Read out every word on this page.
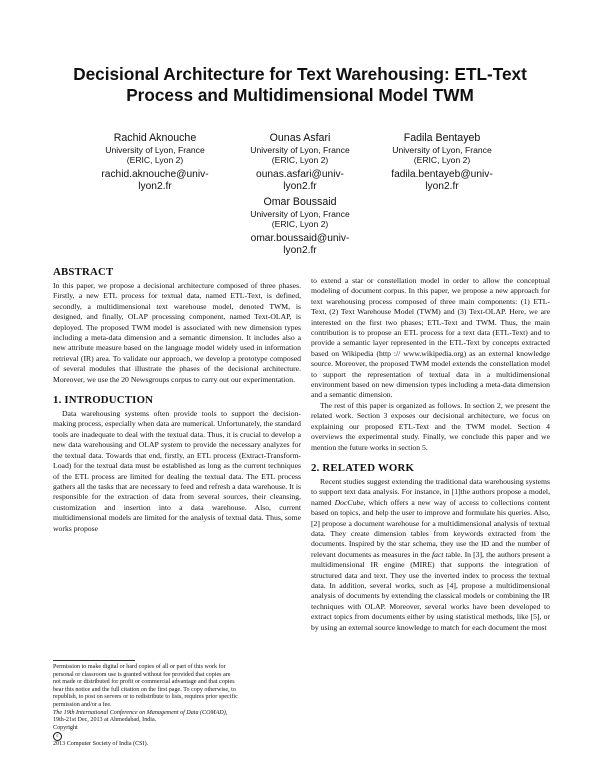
Decisional Architecture for Text Warehousing: ETL-Text
Process and Multidimensional Model TWM
Rachid Aknouche
University of Lyon, France
(ERIC, Lyon 2)
rachid.aknouche@univ-
lyon2.fr
Ounas Asfari
University of Lyon, France
(ERIC, Lyon 2)
ounas.asfari@univ-
lyon2.fr
Fadila Bentayeb
University of Lyon, France
(ERIC, Lyon 2)
fadila.bentayeb@univ-
lyon2.fr
Omar Boussaid
University of Lyon, France
(ERIC, Lyon 2)
omar.boussaid@univ-
lyon2.fr
ABSTRACT

In this paper, we propose a decisional architecture composed of three phases. Firstly, a new ETL process for textual data, named ETL-Text, is defined, secondly, a multidimensional text warehouse model, denoted TWM, is designed, and finally, OLAP processing component, named Text-OLAP, is deployed. The proposed TWM model is associated with new dimension types including a meta-data dimension and a semantic dimension. It includes also a new attribute measure based on the language model widely used in information retrieval (IR) area. To validate our approach, we develop a prototype composed of several modules that illustrate the phases of the decisional architecture. Moreover, we use the 20 Newsgroups corpus to carry out our experimentation.

1. INTRODUCTION

Data warehousing systems often provide tools to support the decision-making process, especially when data are numerical. Unfortunately, the standard tools are inadequate to deal with the textual data. Thus, it is crucial to develop a new data warehousing and OLAP system to provide the necessary analyzes for the textual data. Towards that end, firstly, an ETL process (Extract-Transform-Load) for the textual data must be established as long as the current techniques of the ETL process are limited for dealing the textual data. The ETL process gathers all the tasks that are necessary to feed and refresh a data warehouse. It is responsible for the extraction of data from several sources, their cleansing, customization and insertion into a data warehouse. Also, current multidimensional models are limited for the analysis of textual data. Thus, some works propose

to extend a star or constellation model in order to allow the conceptual modeling of document corpus. In this paper, we propose a new approach for text warehousing process composed of three main components: (1) ETL-Text, (2) Text Warehouse Model (TWM) and (3) Text-OLAP. Here, we are interested on the first two phases; ETL-Text and TWM. Thus, the main contribution is to propose an ETL process for a text data (ETL-Text) and to provide a semantic layer represented in the ETL-Text by concepts extracted based on Wikipedia (http :// www.wikipedia.org) as an external knowledge source. Moreover, the proposed TWM model extends the constellation model to support the representation of textual data in a multidimensional environment based on new dimension types including a meta-data dimension and a semantic dimension.

The rest of this paper is organized as follows. In section 2, we present the related work. Section 3 exposes our decisional architecture, we focus on explaining our proposed ETL-Text and the TWM model. Section 4 overviews the experimental study. Finally, we conclude this paper and we mention the future works in section 5.

2. RELATED WORK

Recent studies suggest extending the traditional data warehousing systems to support text data analysis. For instance, in [1]the authors propose a model, named DocCube, which offers a new way of access to collections content based on topics, and help the user to improve and formulate his queries. Also, [2] propose a document warehouse for a multidimensional analysis of textual data. They create dimension tables from keywords extracted from the documents. Inspired by the star schema, they use the ID and the number of relevant documents as measures in the fact table. In [3], the authors present a multidimensional IR engine (MIRE) that supports the integration of structured data and text. They use the inverted index to process the textual data. In addition, several works, such as [4], propose a multidimensional analysis of documents by extending the classical models or combining the IR techniques with OLAP. Moreover, several works have been developed to extract topics from documents either by using statistical methods, like [5], or by using an external source knowledge to match for each document the most

Permission to make digital or hard copies of all or part of this work for
personal or classroom use is granted without fee provided that copies are
not made or distributed for profit or commercial advantage and that copies
bear this notice and the full citation on the first page. To copy otherwise, to
republish, to post on servers or to redistribute to lists, requires prior specific
permission and/or a fee.
The 19th International Conference on Management of Data (COMAD),
19th-21st Dec, 2013 at Ahmedabad, India.
Copyright
c
2013 Computer Society of India (CSI).
